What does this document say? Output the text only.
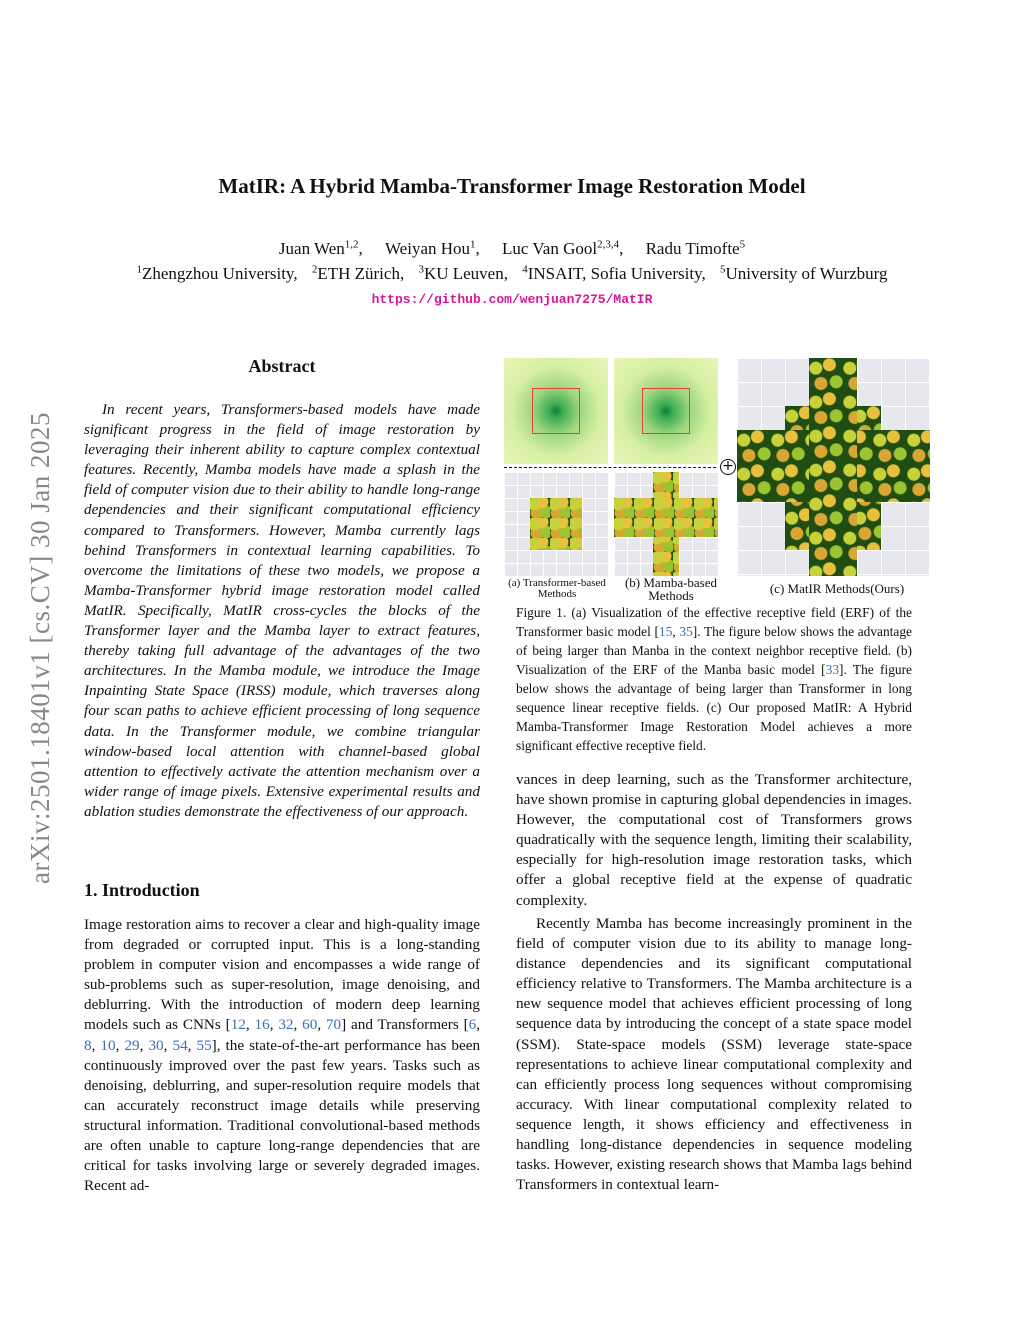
MatIR: A Hybrid Mamba-Transformer Image Restoration Model
Juan Wen$^{1,2}$, Weiyan Hou$^1$, Luc Van Gool$^{2,3,4}$, Radu Timofte$^5$
$^1$Zhengzhou University, $^2$ETH Zürich, $^3$KU Leuven, $^4$INSAIT, Sofia University, $^5$University of Wurzburg
https://github.com/wenjuan7275/MatIR
arXiv:2501.18401v1 [cs.CV] 30 Jan 2025
Abstract
In recent years, Transformers-based models have made significant progress in the field of image restoration by leveraging their inherent ability to capture complex contextual features. Recently, Mamba models have made a splash in the field of computer vision due to their ability to handle long-range dependencies and their significant computational efficiency compared to Transformers. However, Mamba currently lags behind Transformers in contextual learning capabilities. To overcome the limitations of these two models, we propose a Mamba-Transformer hybrid image restoration model called MatIR. Specifically, MatIR cross-cycles the blocks of the Transformer layer and the Mamba layer to extract features, thereby taking full advantage of the advantages of the two architectures. In the Mamba module, we introduce the Image Inpainting State Space (IRSS) module, which traverses along four scan paths to achieve efficient processing of long sequence data. In the Transformer module, we combine triangular window-based local attention with channel-based global attention to effectively activate the attention mechanism over a wider range of image pixels. Extensive experimental results and ablation studies demonstrate the effectiveness of our approach.
1. Introduction
Image restoration aims to recover a clear and high-quality image from degraded or corrupted input. This is a long-standing problem in computer vision and encompasses a wide range of sub-problems such as super-resolution, image denoising, and deblurring. With the introduction of modern deep learning models such as CNNs [12, 16, 32, 60, 70] and Transformers [6, 8, 10, 29, 30, 54, 55], the state-of-the-art performance has been continuously improved over the past few years. Tasks such as denoising, deblurring, and super-resolution require models that can accurately reconstruct image details while preserving structural information. Traditional convolutional-based methods are often unable to capture long-range dependencies that are critical for tasks involving large or severely degraded images. Recent ad-
+
(a) Transformer-based
Methods
(b) Mamba-based
Methods	(c) MatIR Methods(Ours)
Figure 1. (a) Visualization of the effective receptive field (ERF) of the Transformer basic model [15, 35]. The figure below shows the advantage of being larger than Manba in the context neighbor receptive field. (b) Visualization of the ERF of the Manba basic model [33]. The figure below shows the advantage of being larger than Transformer in long sequence linear receptive fields. (c) Our proposed MatIR: A Hybrid Mamba-Transformer Image Restoration Model achieves a more significant effective receptive field.
vances in deep learning, such as the Transformer architecture, have shown promise in capturing global dependencies in images. However, the computational cost of Transformers grows quadratically with the sequence length, limiting their scalability, especially for high-resolution image restoration tasks, which offer a global receptive field at the expense of quadratic complexity.
Recently Mamba has become increasingly prominent in the field of computer vision due to its ability to manage long-distance dependencies and its significant computational efficiency relative to Transformers. The Mamba architecture is a new sequence model that achieves efficient processing of long sequence data by introducing the concept of a state space model (SSM). State-space models (SSM) leverage state-space representations to achieve linear computational complexity and can efficiently process long sequences without compromising accuracy. With linear computational complexity related to sequence length, it shows efficiency and effectiveness in handling long-distance dependencies in sequence modeling tasks. However, existing research shows that Mamba lags behind Transformers in contextual learn-
